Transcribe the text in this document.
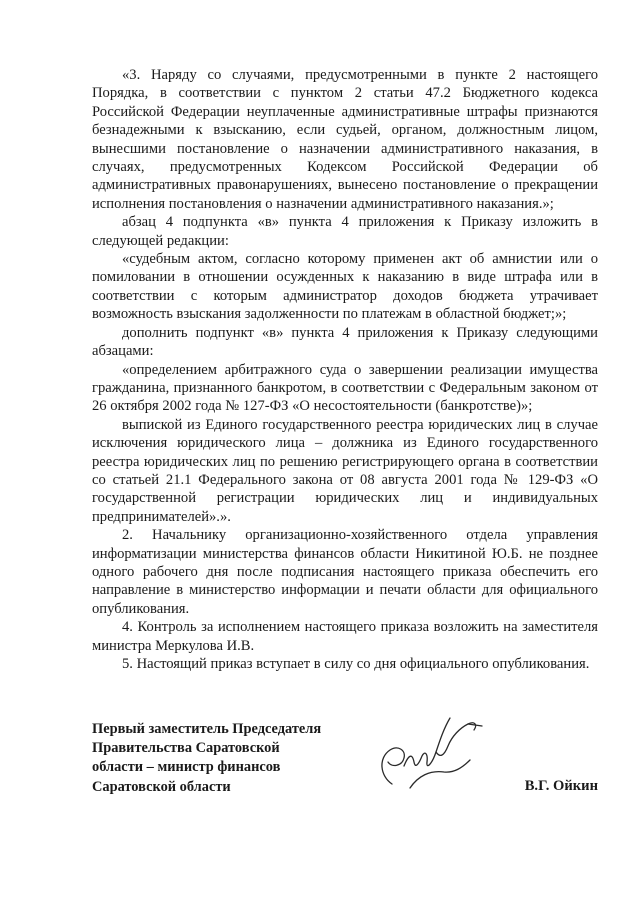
«3. Наряду со случаями, предусмотренными в пункте 2 настоящего Порядка, в соответствии с пунктом 2 статьи 47.2 Бюджетного кодекса Российской Федерации неуплаченные административные штрафы признаются безнадежными к взысканию, если судьей, органом, должностным лицом, вынесшими постановление о назначении административного наказания, в случаях, предусмотренных Кодексом Российской Федерации об административных правонарушениях, вынесено постановление о прекращении исполнения постановления о назначении административного наказания.»;

абзац 4 подпункта «в» пункта 4 приложения к Приказу изложить в следующей редакции:

«судебным актом, согласно которому применен акт об амнистии или о помиловании в отношении осужденных к наказанию в виде штрафа или в соответствии с которым администратор доходов бюджета утрачивает возможность взыскания задолженности по платежам в областной бюджет;»;

дополнить подпункт «в» пункта 4 приложения к Приказу следующими абзацами:

«определением арбитражного суда о завершении реализации имущества гражданина, признанного банкротом, в соответствии с Федеральным законом от 26 октября 2002 года № 127-ФЗ «О несостоятельности (банкротстве)»;

выпиской из Единого государственного реестра юридических лиц в случае исключения юридического лица – должника из Единого государственного реестра юридических лиц по решению регистрирующего органа в соответствии со статьей 21.1 Федерального закона от 08 августа 2001 года № 129-ФЗ «О государственной регистрации юридических лиц и индивидуальных предпринимателей».».

2. Начальнику организационно-хозяйственного отдела управления информатизации министерства финансов области Никитиной Ю.Б. не позднее одного рабочего дня после подписания настоящего приказа обеспечить его направление в министерство информации и печати области для официального опубликования.

4. Контроль за исполнением настоящего приказа возложить на заместителя министра Меркулова И.В.

5. Настоящий приказ вступает в силу со дня официального опубликования.

Первый заместитель Председателя
Правительства Саратовской
области – министр финансов
Саратовской области	В.Г. Ойкин
